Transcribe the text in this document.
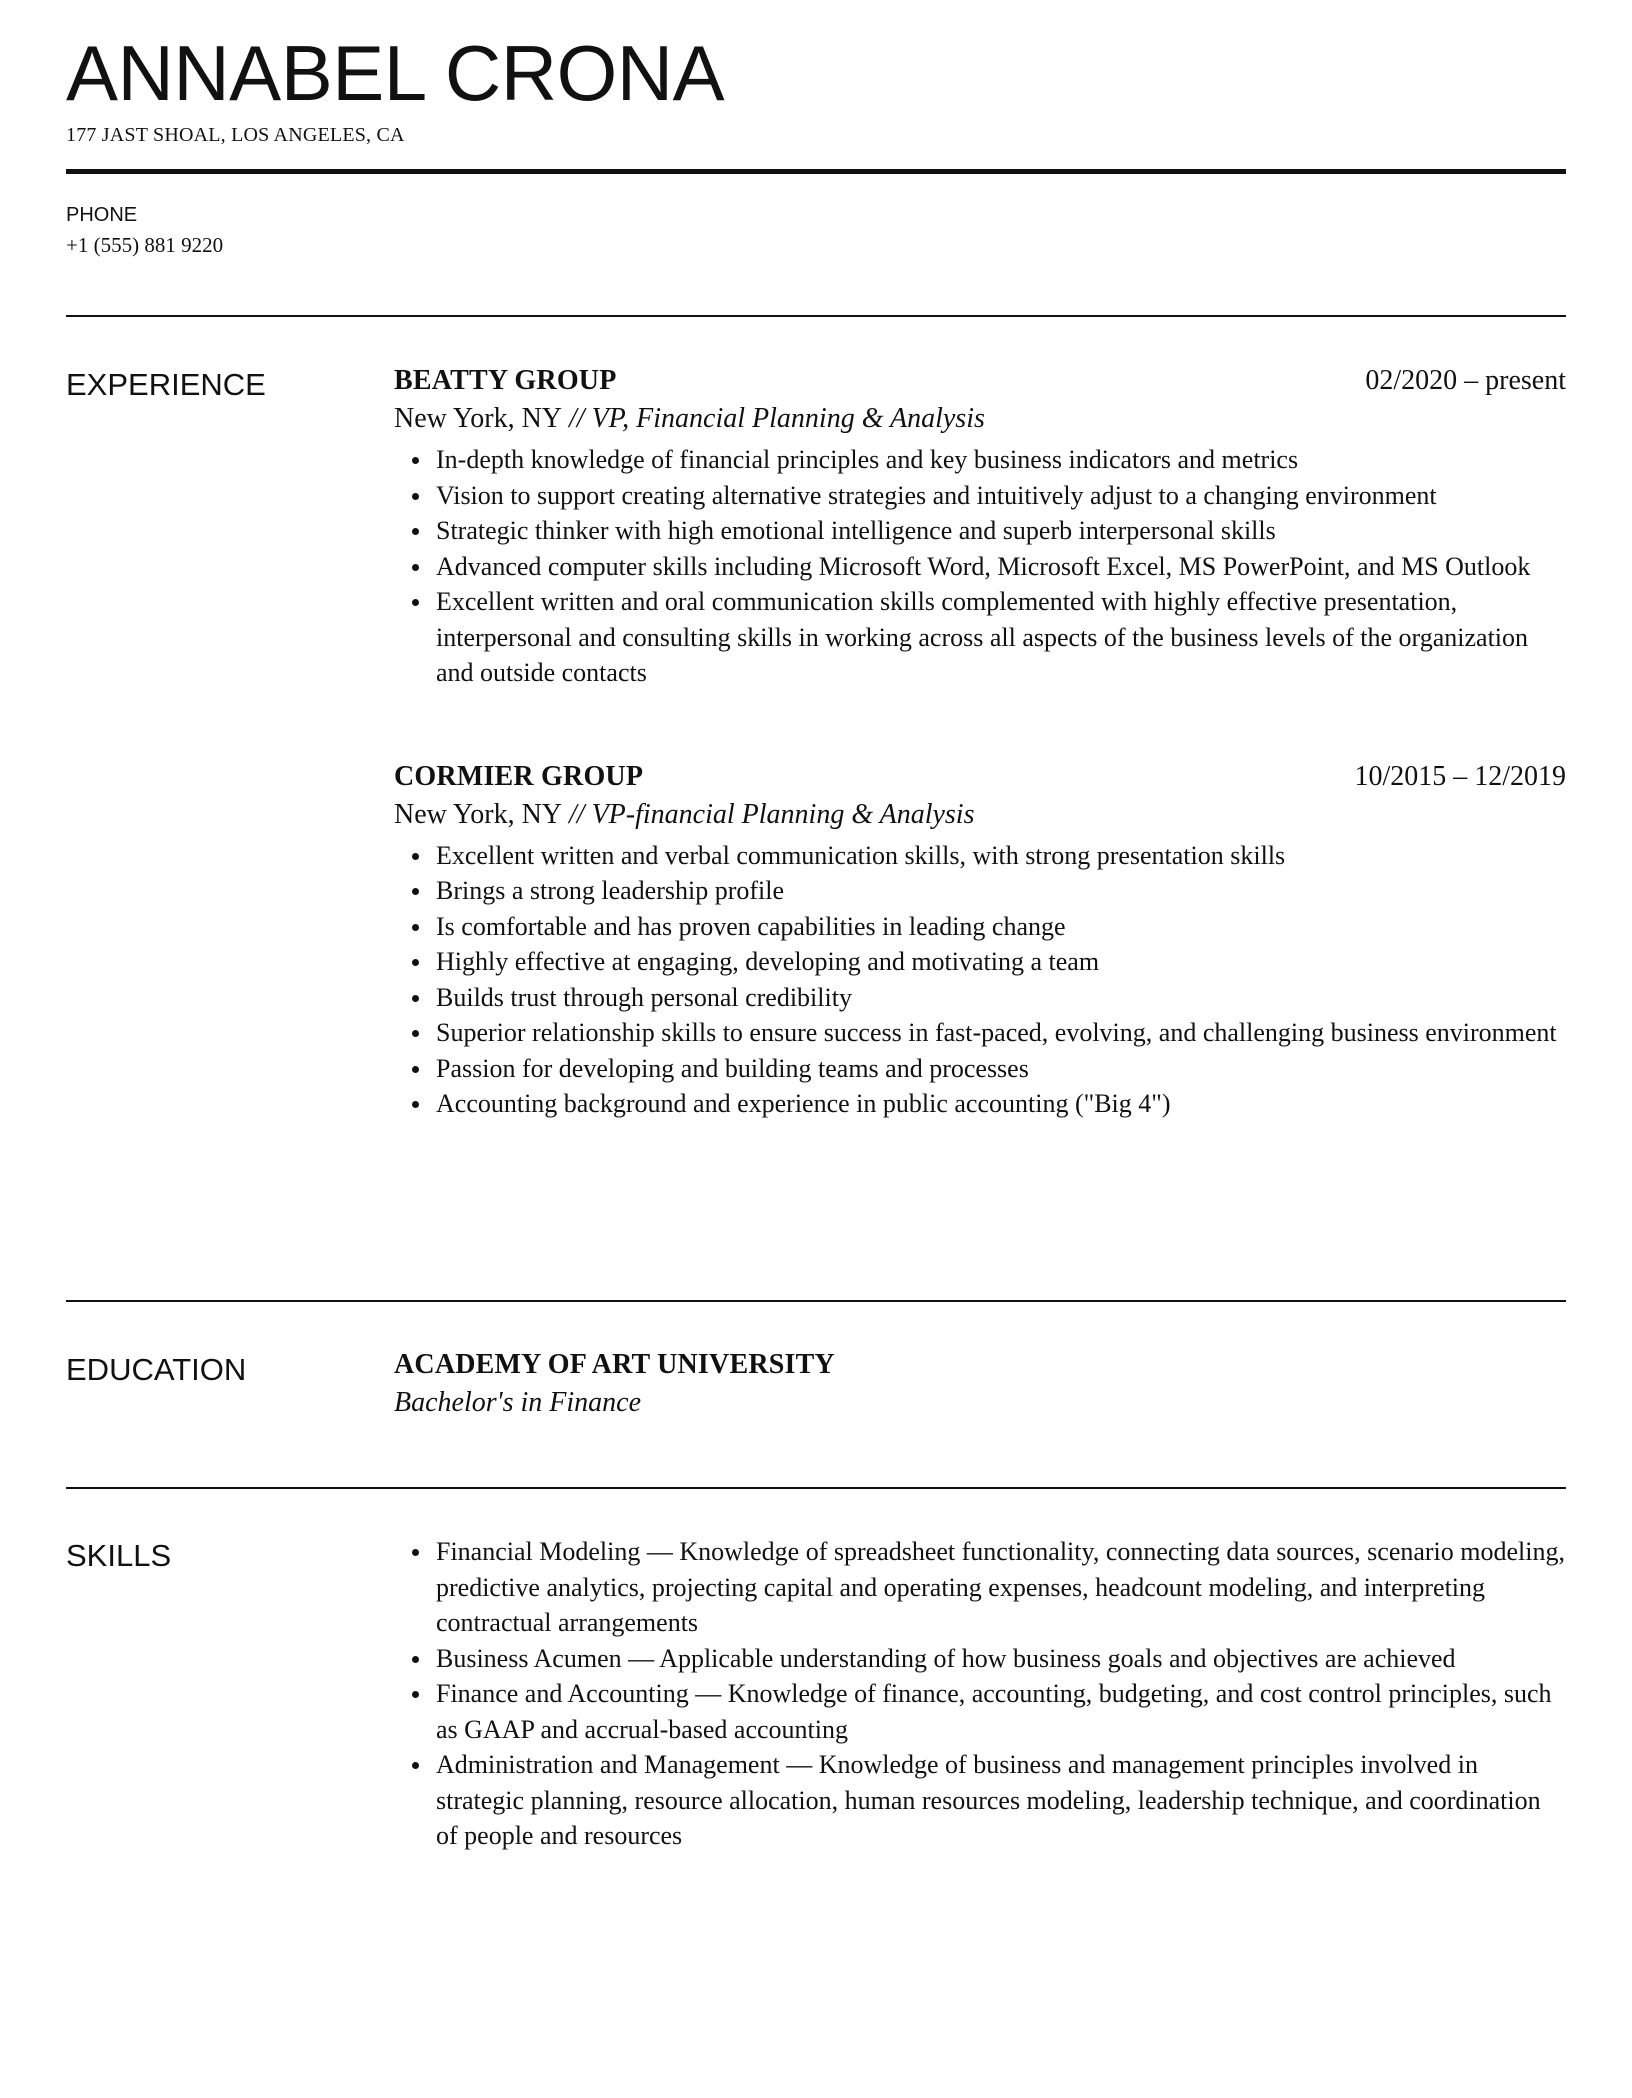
ANNABEL CRONA
177 JAST SHOAL, LOS ANGELES, CA
PHONE
+1 (555) 881 9220
EXPERIENCE	BEATTY GROUP	02/2020 – present
New York, NY // VP, Financial Planning & Analysis
In-depth knowledge of financial principles and key business indicators and metrics
Vision to support creating alternative strategies and intuitively adjust to a changing environment
Strategic thinker with high emotional intelligence and superb interpersonal skills
Advanced computer skills including Microsoft Word, Microsoft Excel, MS PowerPoint, and MS Outlook
Excellent written and oral communication skills complemented with highly effective presentation, interpersonal and consulting skills in working across all aspects of the business levels of the organization and outside contacts
CORMIER GROUP	10/2015 – 12/2019
New York, NY // VP-financial Planning & Analysis
Excellent written and verbal communication skills, with strong presentation skills
Brings a strong leadership profile
Is comfortable and has proven capabilities in leading change
Highly effective at engaging, developing and motivating a team
Builds trust through personal credibility
Superior relationship skills to ensure success in fast-paced, evolving, and challenging business environment
Passion for developing and building teams and processes
Accounting background and experience in public accounting ("Big 4")
EDUCATION	ACADEMY OF ART UNIVERSITY
Bachelor's in Finance
SKILLS	Financial Modeling — Knowledge of spreadsheet functionality, connecting data sources, scenario modeling, predictive analytics, projecting capital and operating expenses, headcount modeling, and interpreting contractual arrangements
Business Acumen — Applicable understanding of how business goals and objectives are achieved
Finance and Accounting — Knowledge of finance, accounting, budgeting, and cost control principles, such as GAAP and accrual-based accounting
Administration and Management — Knowledge of business and management principles involved in strategic planning, resource allocation, human resources modeling, leadership technique, and coordination of people and resources
